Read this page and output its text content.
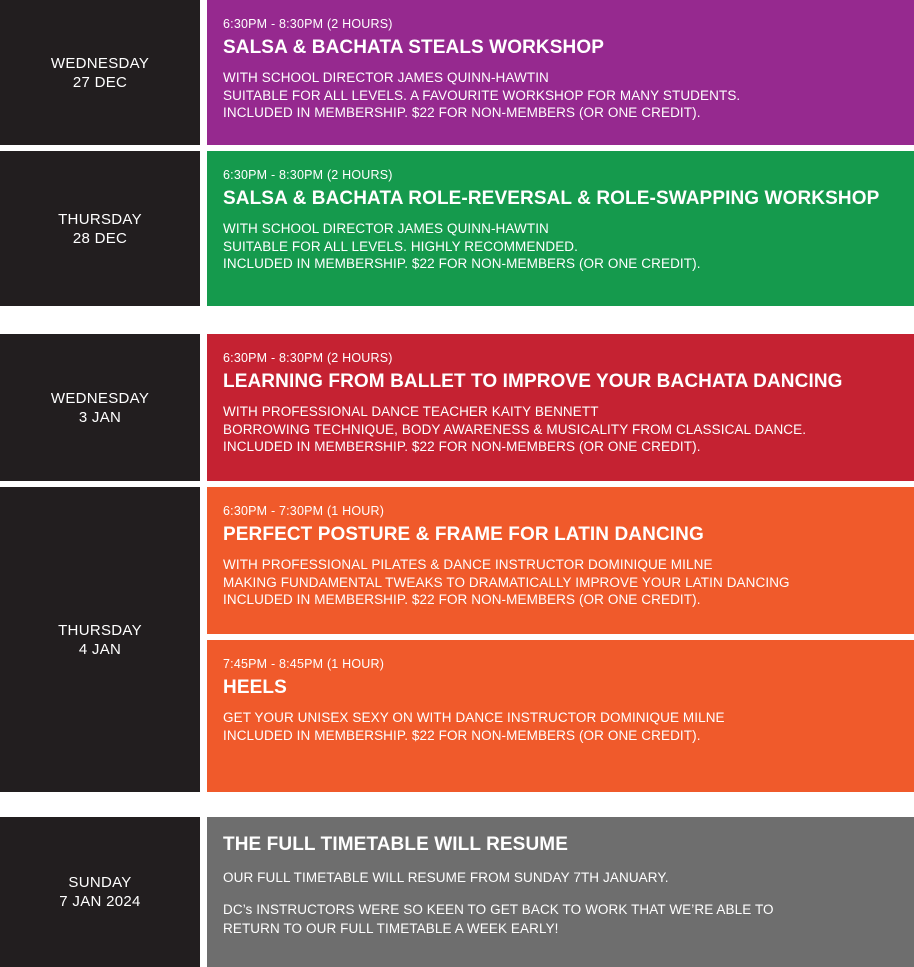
WEDNESDAY
27 DEC

6:30PM - 8:30PM (2 HOURS)

SALSA & BACHATA STEALS WORKSHOP

WITH SCHOOL DIRECTOR JAMES QUINN-HAWTIN
SUITABLE FOR ALL LEVELS. A FAVOURITE WORKSHOP FOR MANY STUDENTS.
INCLUDED IN MEMBERSHIP. $22 FOR NON-MEMBERS (OR ONE CREDIT).

THURSDAY
28 DEC

6:30PM - 8:30PM (2 HOURS)

SALSA & BACHATA ROLE-REVERSAL & ROLE-SWAPPING WORKSHOP

WITH SCHOOL DIRECTOR JAMES QUINN-HAWTIN
SUITABLE FOR ALL LEVELS. HIGHLY RECOMMENDED.
INCLUDED IN MEMBERSHIP. $22 FOR NON-MEMBERS (OR ONE CREDIT).

WEDNESDAY
3 JAN

6:30PM - 8:30PM (2 HOURS)

LEARNING FROM BALLET TO IMPROVE YOUR BACHATA DANCING

WITH PROFESSIONAL DANCE TEACHER KAITY BENNETT
BORROWING TECHNIQUE, BODY AWARENESS & MUSICALITY FROM CLASSICAL DANCE.
INCLUDED IN MEMBERSHIP. $22 FOR NON-MEMBERS (OR ONE CREDIT).

THURSDAY
4 JAN

6:30PM - 7:30PM (1 HOUR)

PERFECT POSTURE & FRAME FOR LATIN DANCING

WITH PROFESSIONAL PILATES & DANCE INSTRUCTOR DOMINIQUE MILNE
MAKING FUNDAMENTAL TWEAKS TO DRAMATICALLY IMPROVE YOUR LATIN DANCING
INCLUDED IN MEMBERSHIP. $22 FOR NON-MEMBERS (OR ONE CREDIT).

7:45PM - 8:45PM (1 HOUR)

HEELS

GET YOUR UNISEX SEXY ON WITH DANCE INSTRUCTOR DOMINIQUE MILNE
INCLUDED IN MEMBERSHIP. $22 FOR NON-MEMBERS (OR ONE CREDIT).

SUNDAY
7 JAN 2024

THE FULL TIMETABLE WILL RESUME

OUR FULL TIMETABLE WILL RESUME FROM SUNDAY 7TH JANUARY.
DC’s INSTRUCTORS WERE SO KEEN TO GET BACK TO WORK THAT WE’RE ABLE TO
RETURN TO OUR FULL TIMETABLE A WEEK EARLY!
